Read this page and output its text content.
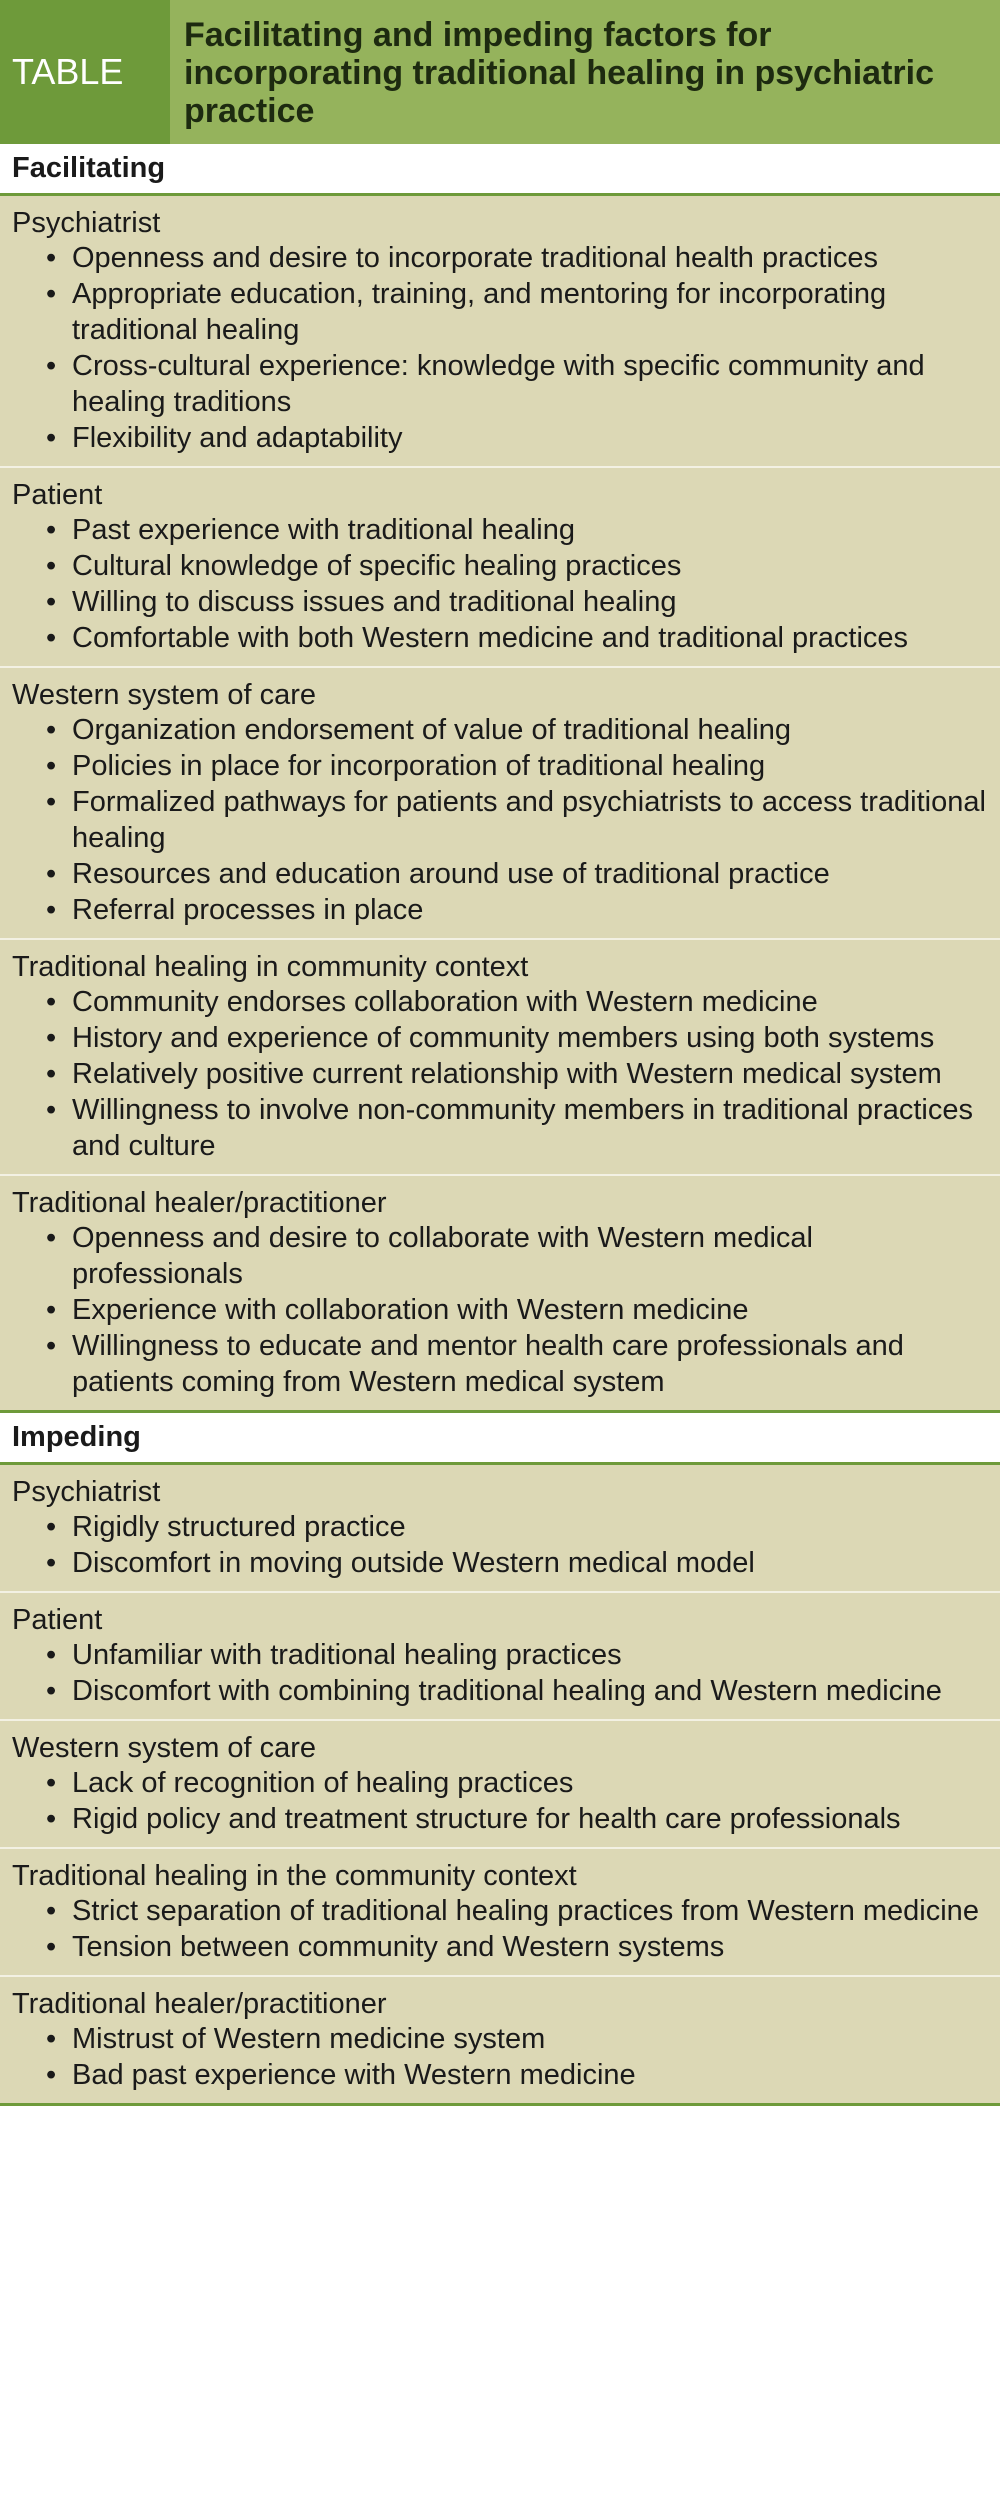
TABLE
Facilitating and impeding factors for incorporating traditional healing in psychiatric practice
Facilitating
Psychiatrist
• Openness and desire to incorporate traditional health practices
• Appropriate education, training, and mentoring for incorporating traditional healing
• Cross-cultural experience: knowledge with specific community and healing traditions
• Flexibility and adaptability
Patient
• Past experience with traditional healing
• Cultural knowledge of specific healing practices
• Willing to discuss issues and traditional healing
• Comfortable with both Western medicine and traditional practices
Western system of care
• Organization endorsement of value of traditional healing
• Policies in place for incorporation of traditional healing
• Formalized pathways for patients and psychiatrists to access traditional healing
• Resources and education around use of traditional practice
• Referral processes in place
Traditional healing in community context
• Community endorses collaboration with Western medicine
• History and experience of community members using both systems
• Relatively positive current relationship with Western medical system
• Willingness to involve non-community members in traditional practices and culture
Traditional healer/practitioner
• Openness and desire to collaborate with Western medical professionals
• Experience with collaboration with Western medicine
• Willingness to educate and mentor health care professionals and patients coming from Western medical system
Impeding
Psychiatrist
• Rigidly structured practice
• Discomfort in moving outside Western medical model
Patient
• Unfamiliar with traditional healing practices
• Discomfort with combining traditional healing and Western medicine
Western system of care
• Lack of recognition of healing practices
• Rigid policy and treatment structure for health care professionals
Traditional healing in the community context
• Strict separation of traditional healing practices from Western medicine
• Tension between community and Western systems
Traditional healer/practitioner
• Mistrust of Western medicine system
• Bad past experience with Western medicine
